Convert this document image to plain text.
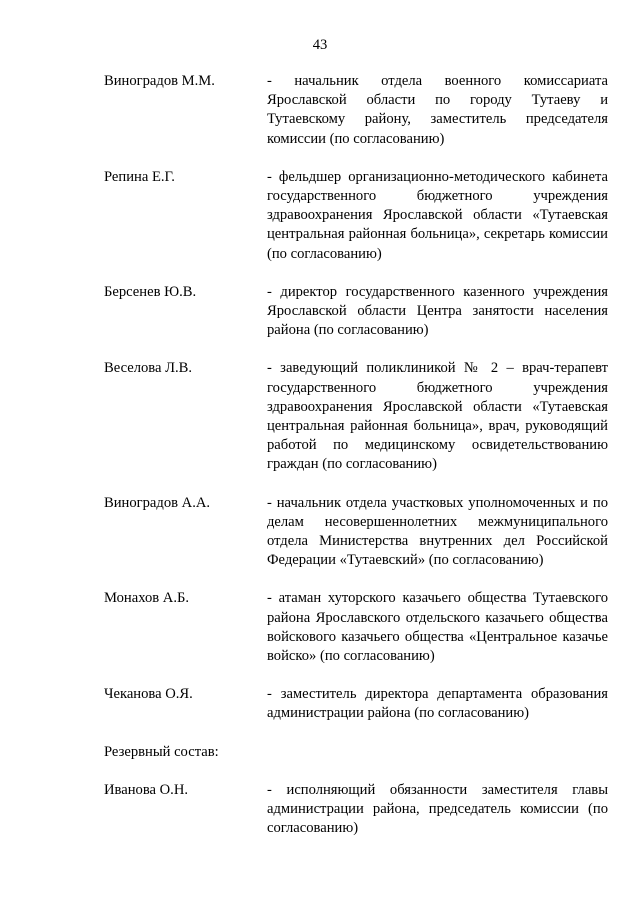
43
Виноградов М.М.	- начальник отдела военного комиссариата Ярославской области по городу Тутаеву и Тутаевскому району, заместитель председателя комиссии (по согласованию)
Репина Е.Г.	- фельдшер организационно-методического кабинета государственного бюджетного учреждения здравоохранения Ярославской области «Тутаевская центральная районная больница», секретарь комиссии (по согласованию)
Берсенев Ю.В.	- директор государственного казенного учреждения Ярославской области Центра занятости населения района (по согласованию)
Веселова Л.В.	- заведующий поликлиникой № 2 – врач-терапевт государственного бюджетного учреждения здравоохранения Ярославской области «Тутаевская центральная районная больница», врач, руководящий работой по медицинскому освидетельствованию граждан (по согласованию)
Виноградов А.А.	- начальник отдела участковых уполномоченных и по делам несовершеннолетних межмуниципального отдела Министерства внутренних дел Российской Федерации «Тутаевский» (по согласованию)
Монахов А.Б.	- атаман хуторского казачьего общества Тутаевского района Ярославского отдельского казачьего общества войскового казачьего общества «Центральное казачье войско» (по согласованию)
Чеканова О.Я.	- заместитель директора департамента образования администрации района (по согласованию)
Резервный состав:
Иванова О.Н.	- исполняющий обязанности заместителя главы администрации района, председатель комиссии (по согласованию)
